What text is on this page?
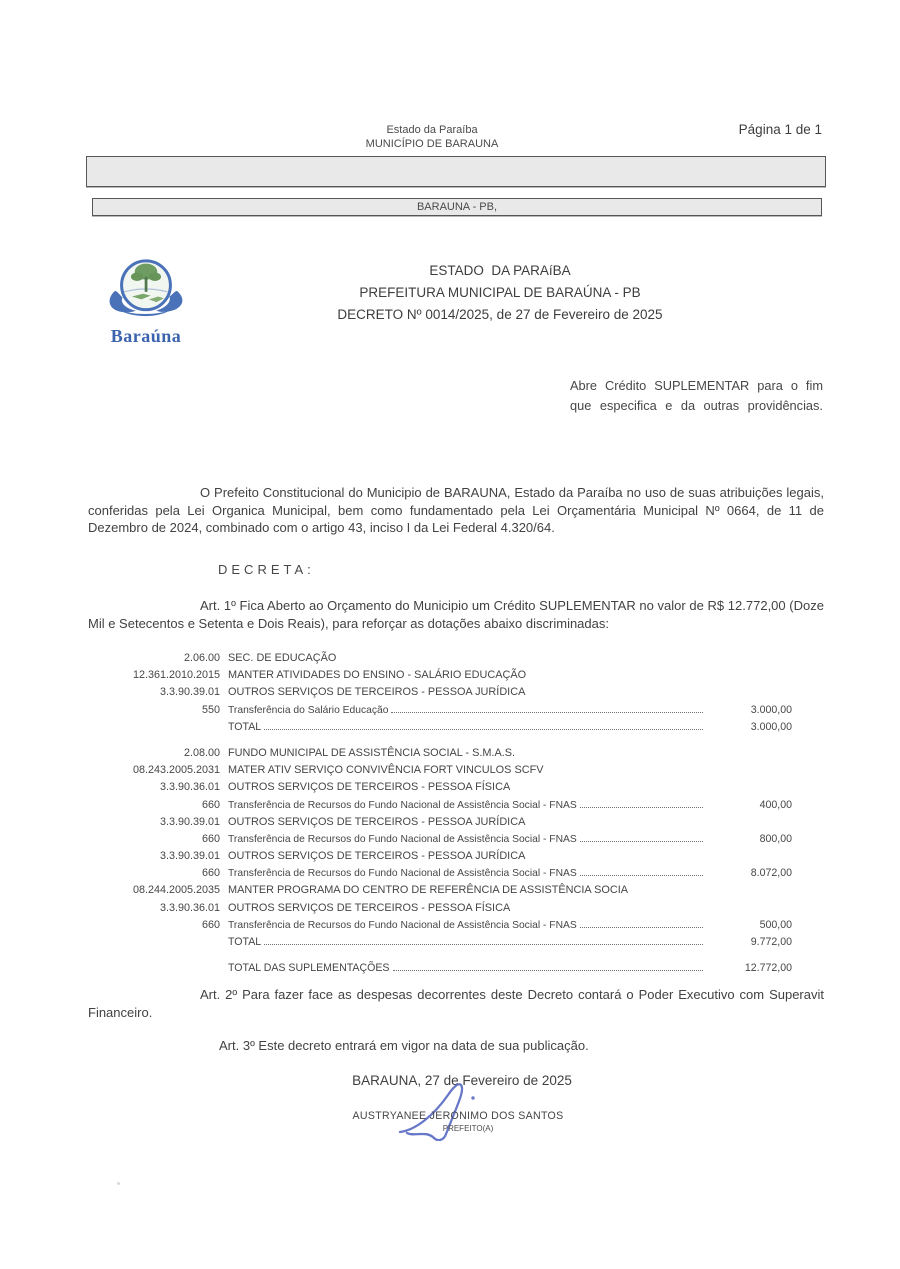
Estado da Paraíba
MUNICÍPIO DE BARAUNA
Página 1 de 1
BARAUNA - PB,
Baraúna
ESTADO  DA PARAíBA
PREFEITURA MUNICIPAL DE BARAÚNA - PB
DECRETO Nº 0014/2025, de 27 de Fevereiro de 2025
Abre Crédito SUPLEMENTAR para o fim que especifica e da outras providências.
O Prefeito Constitucional do Municipio de BARAUNA, Estado da Paraíba no uso de suas atribuições legais, conferidas pela Lei Organica Municipal, bem como fundamentado pela Lei Orçamentária Municipal Nº 0664, de 11 de Dezembro de 2024, combinado com o artigo 43, inciso I da Lei Federal 4.320/64.
DECRETA:
Art. 1º Fica Aberto ao Orçamento do Municipio um Crédito SUPLEMENTAR no valor de R$ 12.772,00 (Doze Mil e Setecentos e Setenta e Dois Reais), para reforçar as dotações abaixo discriminadas:
2.06.00 SEC. DE EDUCAÇÃO
12.361.2010.2015 MANTER ATIVIDADES DO ENSINO - SALÁRIO EDUCAÇÃO
3.3.90.39.01 OUTROS SERVIÇOS DE TERCEIROS - PESSOA JURÍDICA
550 Transferência do Salário Educação	3.000,00
TOTAL	3.000,00
2.08.00 FUNDO MUNICIPAL DE ASSISTÊNCIA SOCIAL - S.M.A.S.
08.243.2005.2031 MATER ATIV SERVIÇO CONVIVÊNCIA FORT VINCULOS SCFV
3.3.90.36.01 OUTROS SERVIÇOS DE TERCEIROS - PESSOA FÍSICA
660 Transferência de Recursos do Fundo Nacional de Assistência Social - FNAS	400,00
3.3.90.39.01 OUTROS SERVIÇOS DE TERCEIROS - PESSOA JURÍDICA
660 Transferência de Recursos do Fundo Nacional de Assistência Social - FNAS	800,00
3.3.90.39.01 OUTROS SERVIÇOS DE TERCEIROS - PESSOA JURÍDICA
660 Transferência de Recursos do Fundo Nacional de Assistência Social - FNAS	8.072,00
08.244.2005.2035 MANTER PROGRAMA DO CENTRO DE REFERÊNCIA DE ASSISTÊNCIA SOCIA
3.3.90.36.01 OUTROS SERVIÇOS DE TERCEIROS - PESSOA FÍSICA
660 Transferência de Recursos do Fundo Nacional de Assistência Social - FNAS	500,00
TOTAL	9.772,00
TOTAL DAS SUPLEMENTAÇÕES	12.772,00
Art. 2º Para fazer face as despesas decorrentes deste Decreto contará o Poder Executivo com Superavit Financeiro.
Art. 3º Este decreto entrará em vigor na data de sua publicação.
BARAUNA, 27 de Fevereiro de 2025
AUSTRYANEE JERONIMO DOS SANTOS
PREFEITO(A)
